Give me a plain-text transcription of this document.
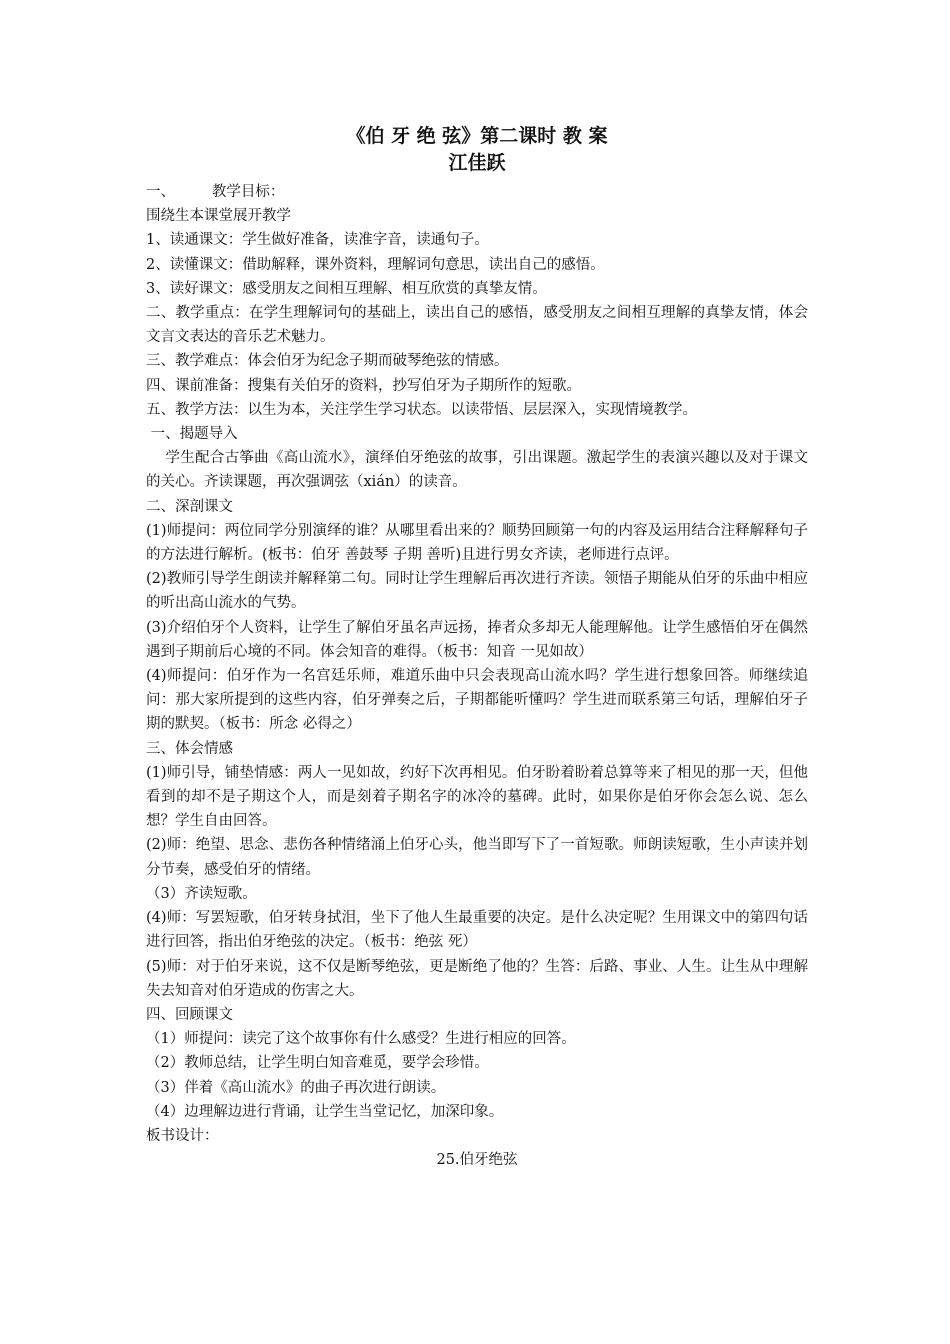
《伯 牙 绝 弦》第二课时 教 案
江佳跃

一、        教学目标：

围绕生本课堂展开教学

1、读通课文：学生做好准备，读准字音，读通句子。

2、读懂课文：借助解释，课外资料，理解词句意思，读出自己的感悟。

3、读好课文：感受朋友之间相互理解、相互欣赏的真挚友情。

二、教学重点：在学生理解词句的基础上，读出自己的感悟，感受朋友之间相互理解的真挚友情，体会文言文表达的音乐艺术魅力。

三、教学难点：体会伯牙为纪念子期而破琴绝弦的情感。

四、课前准备：搜集有关伯牙的资料，抄写伯牙为子期所作的短歌。

五、教学方法：以生为本，关注学生学习状态。以读带悟、层层深入，实现情境教学。

一、揭题导入

学生配合古筝曲《高山流水》，演绎伯牙绝弦的故事，引出课题。激起学生的表演兴趣以及对于课文的关心。齐读课题，再次强调弦（xián）的读音。

二、深剖课文

(1)师提问：两位同学分别演绎的谁？从哪里看出来的？顺势回顾第一句的内容及运用结合注释解释句子的方法进行解析。(板书：伯牙 善鼓琴 子期 善听)且进行男女齐读，老师进行点评。

(2)教师引导学生朗读并解释第二句。同时让学生理解后再次进行齐读。领悟子期能从伯牙的乐曲中相应的听出高山流水的气势。

(3)介绍伯牙个人资料，让学生了解伯牙虽名声远扬，捧者众多却无人能理解他。让学生感悟伯牙在偶然遇到子期前后心境的不同。体会知音的难得。（板书：知音 一见如故）

(4)师提问：伯牙作为一名宫廷乐师，难道乐曲中只会表现高山流水吗？学生进行想象回答。师继续追问：那大家所提到的这些内容，伯牙弹奏之后，子期都能听懂吗？学生进而联系第三句话，理解伯牙子期的默契。（板书：所念 必得之）

三、体会情感

(1)师引导，铺垫情感：两人一见如故，约好下次再相见。伯牙盼着盼着总算等来了相见的那一天，但他看到的却不是子期这个人，而是刻着子期名字的冰冷的墓碑。此时，如果你是伯牙你会怎么说、怎么想？学生自由回答。

(2)师：绝望、思念、悲伤各种情绪涌上伯牙心头，他当即写下了一首短歌。师朗读短歌，生小声读并划分节奏，感受伯牙的情绪。

（3）齐读短歌。

(4)师：写罢短歌，伯牙转身拭泪，坐下了他人生最重要的决定。是什么决定呢？生用课文中的第四句话进行回答，指出伯牙绝弦的决定。（板书：绝弦 死）

(5)师：对于伯牙来说，这不仅是断琴绝弦，更是断绝了他的？生答：后路、事业、人生。让生从中理解失去知音对伯牙造成的伤害之大。

四、回顾课文

（1）师提问：读完了这个故事你有什么感受？生进行相应的回答。

（2）教师总结，让学生明白知音难觅，要学会珍惜。

（3）伴着《高山流水》的曲子再次进行朗读。

（4）边理解边进行背诵，让学生当堂记忆，加深印象。

板书设计：

25.伯牙绝弦
